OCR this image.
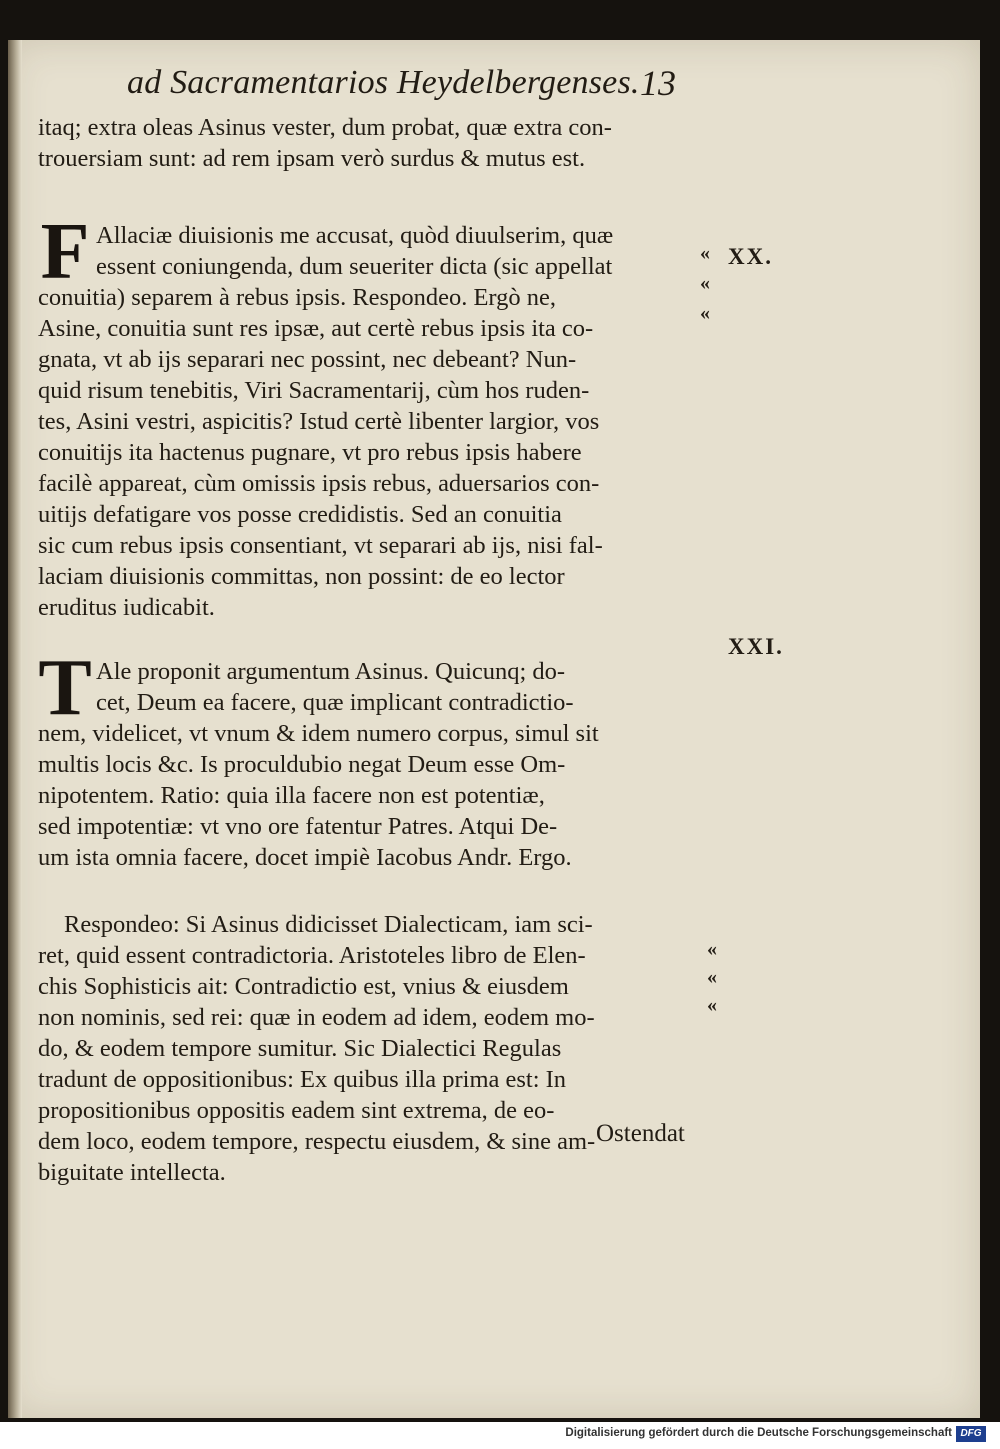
ad Sacramentarios Heydelbergenses. 13
itaq; extra oleas Asinus vester, dum probat, quæ extra con-
trouersiam sunt: ad rem ipsam verò surdus & mutus est.
F Allaciæ diuisionis me accusat, quòd diuulserim, quæ
essent coniungenda, dum seueriter dicta (sic appellat
conuitia) separem à rebus ipsis. Respondeo. Ergò ne,
Asine, conuitia sunt res ipsæ, aut certè rebus ipsis ita co-
gnata, vt ab ijs separari nec possint, nec debeant? Nun-
quid risum tenebitis, Viri Sacramentarij, cùm hos ruden-
tes, Asini vestri, aspicitis? Istud certè libenter largior, vos
conuitijs ita hactenus pugnare, vt pro rebus ipsis habere
facilè appareat, cùm omissis ipsis rebus, aduersarios con-
uitijs defatigare vos posse credidistis. Sed an conuitia
sic cum rebus ipsis consentiant, vt separari ab ijs, nisi fal-
laciam diuisionis committas, non possint: de eo lector
eruditus iudicabit.
T Ale proponit argumentum Asinus. Quicunq; do-
cet, Deum ea facere, quæ implicant contradictio-
nem, videlicet, vt vnum & idem numero corpus, simul sit
multis locis &c. Is proculdubio negat Deum esse Om-
nipotentem. Ratio: quia illa facere non est potentiæ,
sed impotentiæ: vt vno ore fatentur Patres. Atqui De-
um ista omnia facere, docet impiè Iacobus Andr. Ergo.
Respondeo: Si Asinus didicisset Dialecticam, iam sci-
ret, quid essent contradictoria. Aristoteles libro de Elen-
chis Sophisticis ait: Contradictio est, vnius & eiusdem
non nominis, sed rei: quæ in eodem ad idem, eodem mo-
do, & eodem tempore sumitur. Sic Dialectici Regulas
tradunt de oppositionibus: Ex quibus illa prima est: In
propositionibus oppositis eadem sint extrema, de eo-
dem loco, eodem tempore, respectu eiusdem, & sine am-
biguitate intellecta.
XX.
XXI.
«
«
«
«
«
«
Ostendat
Digitalisierung gefördert durch die Deutsche Forschungsgemeinschaft DFG
